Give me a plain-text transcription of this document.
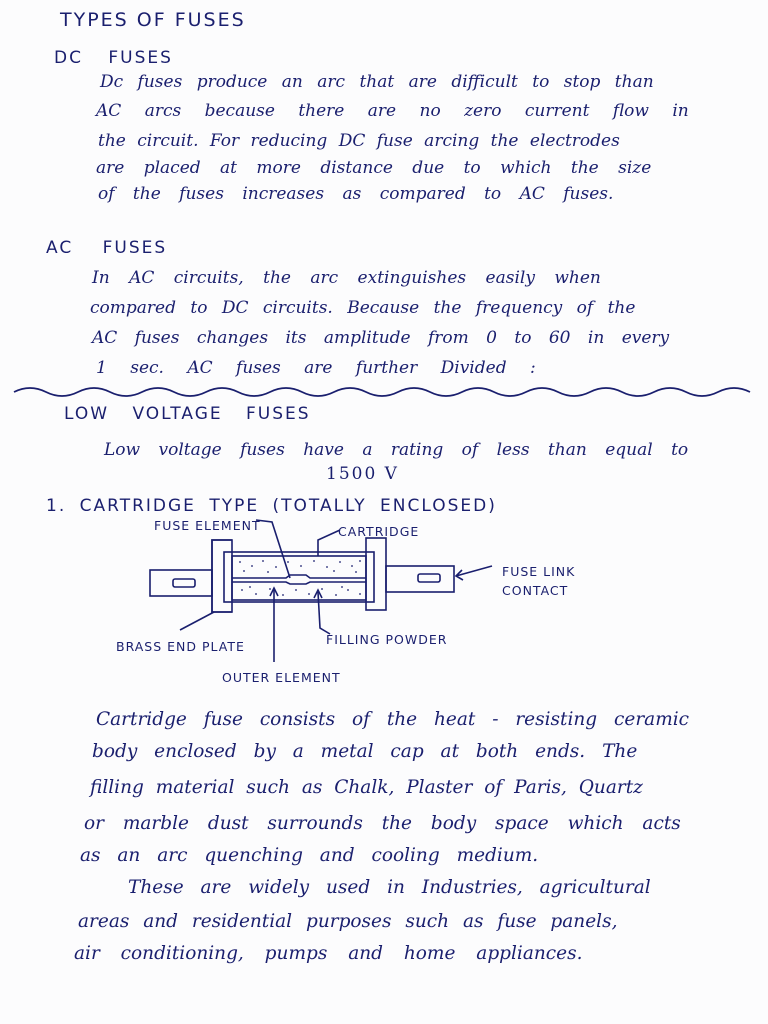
TYPES OF FUSES
DC FUSES
Dc fuses produce an arc that are difficult to stop than
AC arcs because there are no zero current flow in
the circuit. For reducing DC fuse arcing the electrodes
are placed at more distance due to which the size
of the fuses increases as compared to AC fuses.
AC FUSES
In AC circuits, the arc extinguishes easily when
compared to DC circuits. Because the frequency of the
AC fuses changes its amplitude from 0 to 60 in every
1 sec. AC fuses are further Divided :
LOW VOLTAGE FUSES
Low voltage fuses have a rating of less than equal to
1500 V
1. CARTRIDGE TYPE (TOTALLY ENCLOSED)
FUSE ELEMENT	CARTRIDGE
FUSE LINK
CONTACT
BRASS END PLATE	FILLING POWDER
OUTER ELEMENT
Cartridge fuse consists of the heat - resisting ceramic
body enclosed by a metal cap at both ends. The
filling material such as Chalk, Plaster of Paris, Quartz
or marble dust surrounds the body space which acts
as an arc quenching and cooling medium.
These are widely used in Industries, agricultural
areas and residential purposes such as fuse panels,
air conditioning, pumps and home appliances.
